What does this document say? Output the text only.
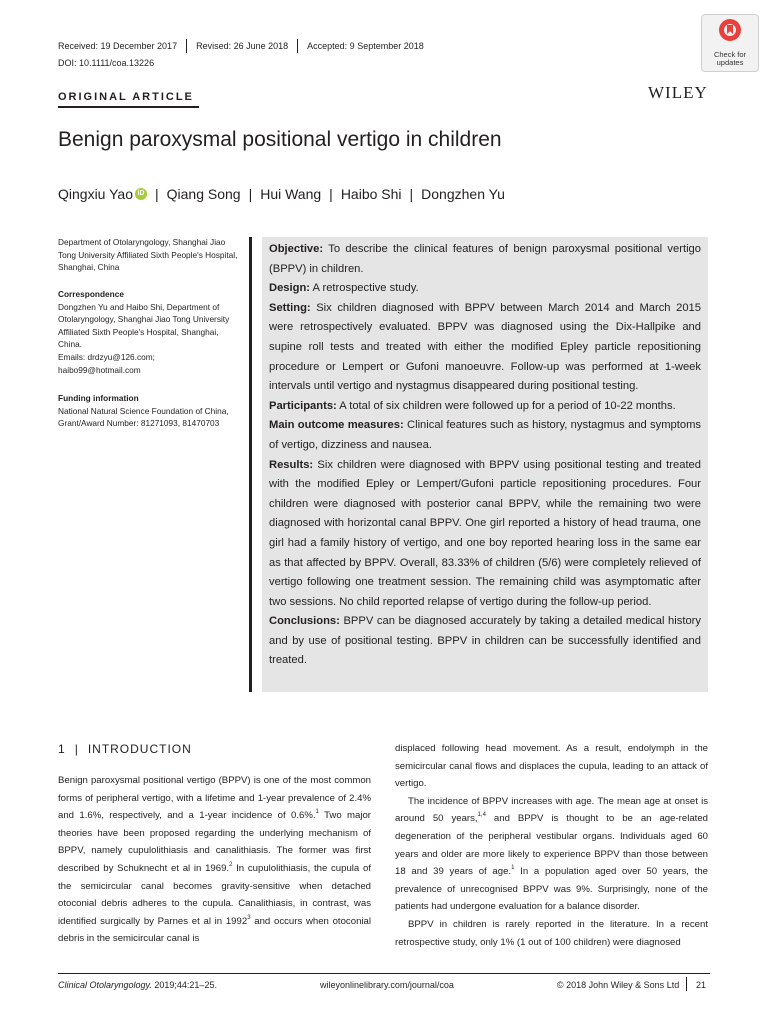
Received: 19 December 2017 Revised: 26 June 2018 Accepted: 9 September 2018
DOI: 10.1111/coa.13226
Check for
updates
ORIGINAL ARTICLE	WILEY
Benign paroxysmal positional vertigo in children
Qingxiu Yao iD | Qiang Song | Hui Wang | Haibo Shi | Dongzhen Yu
Department of Otolaryngology, Shanghai Jiao Tong University Affiliated Sixth People's Hospital, Shanghai, China
Correspondence
Dongzhen Yu and Haibo Shi, Department of Otolaryngology, Shanghai Jiao Tong University Affiliated Sixth People's Hospital, Shanghai, China.
Emails: drdzyu@126.com;
haibo99@hotmail.com
Funding information
National Natural Science Foundation of China, Grant/Award Number: 81271093, 81470703

Objective: To describe the clinical features of benign paroxysmal positional vertigo (BPPV) in children.

Design: A retrospective study.

Setting: Six children diagnosed with BPPV between March 2014 and March 2015 were retrospectively evaluated. BPPV was diagnosed using the Dix-Hallpike and supine roll tests and treated with either the modified Epley particle repositioning procedure or Lempert or Gufoni manoeuvre. Follow-up was performed at 1-week intervals until vertigo and nystagmus disappeared during positional testing.

Participants: A total of six children were followed up for a period of 10-22 months.

Main outcome measures: Clinical features such as history, nystagmus and symptoms of vertigo, dizziness and nausea.

Results: Six children were diagnosed with BPPV using positional testing and treated with the modified Epley or Lempert/Gufoni particle repositioning procedures. Four children were diagnosed with posterior canal BPPV, while the remaining two were diagnosed with horizontal canal BPPV. One girl reported a history of head trauma, one girl had a family history of vertigo, and one boy reported hearing loss in the same ear as that affected by BPPV. Overall, 83.33% of children (5/6) were completely relieved of vertigo following one treatment session. The remaining child was asymptomatic after two sessions. No child reported relapse of vertigo during the follow-up period.

Conclusions: BPPV can be diagnosed accurately by taking a detailed medical history and by use of positional testing. BPPV in children can be successfully identified and treated.

1 | INTRODUCTION

Benign paroxysmal positional vertigo (BPPV) is one of the most common forms of peripheral vertigo, with a lifetime and 1-year prevalence of 2.4% and 1.6%, respectively, and a 1-year incidence of 0.6%.$^1$ Two major theories have been proposed regarding the underlying mechanism of BPPV, namely cupulolithiasis and canalithiasis. The former was first described by Schuknecht et al in 1969.$^2$ In cupulolithiasis, the cupula of the semicircular canal becomes gravity-sensitive when detached otoconial debris adheres to the cupula. Canalithiasis, in contrast, was identified surgically by Parnes et al in 1992$^3$ and occurs when otoconial debris in the semicircular canal is

displaced following head movement. As a result, endolymph in the semicircular canal flows and displaces the cupula, leading to an attack of vertigo.

The incidence of BPPV increases with age. The mean age at onset is around 50 years,$^{1,4}$ and BPPV is thought to be an age-related degeneration of the peripheral vestibular organs. Individuals aged 60 years and older are more likely to experience BPPV than those between 18 and 39 years of age.$^1$ In a population aged over 50 years, the prevalence of unrecognised BPPV was 9%. Surprisingly, none of the patients had undergone evaluation for a balance disorder.

BPPV in children is rarely reported in the literature. In a recent retrospective study, only 1% (1 out of 100 children) were diagnosed

Clinical Otolaryngology. 2019;44:21–25.	wileyonlinelibrary.com/journal/coa	© 2018 John Wiley & Sons Ltd 21
